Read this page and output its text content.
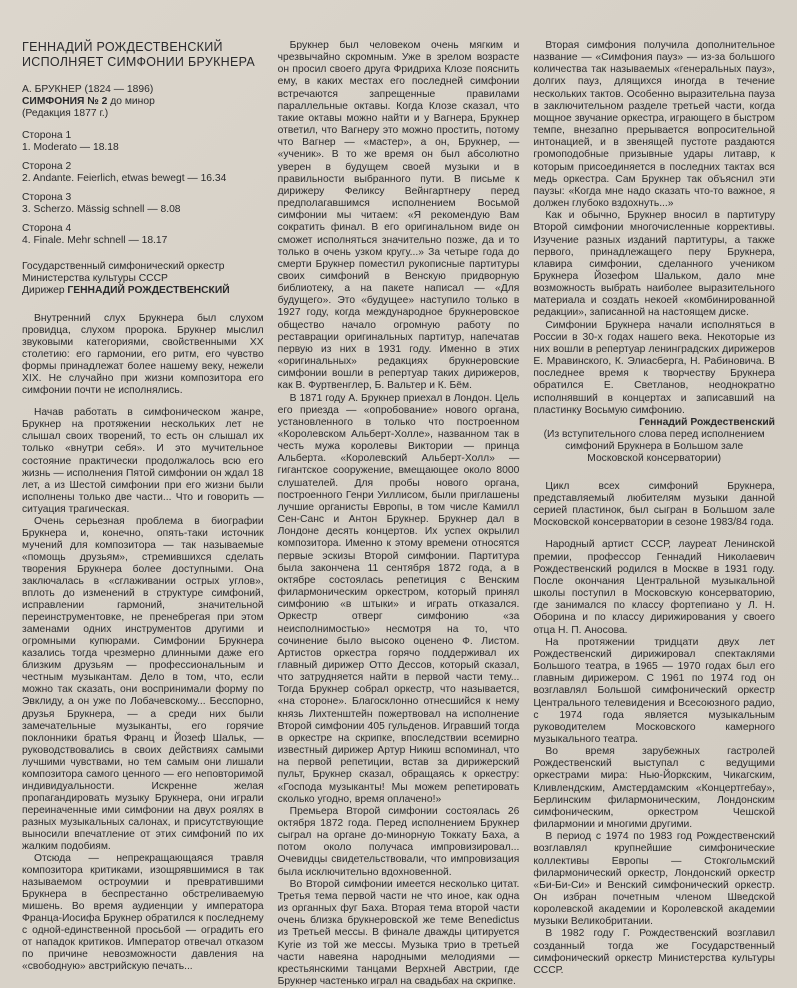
ГЕННАДИЙ РОЖДЕСТВЕНСКИЙ
ИСПОЛНЯЕТ СИМФОНИИ БРУКНЕРА
А. БРУКНЕР (1824 — 1896)
СИМФОНИЯ № 2 до минор
(Редакция 1877 г.)
Сторона 1
1. Moderato — 18.18
Сторона 2
2. Andante. Feierlich, etwas bewegt — 16.34
Сторона 3
3. Scherzo. Mässig schnell — 8.08
Сторона 4
4. Finale. Mehr schnell — 18.17
Государственный симфонический оркестр
Министерства культуры СССР
Дирижер ГЕННАДИЙ РОЖДЕСТВЕНСКИЙ

Внутренний слух Брукнера был слухом провидца, слухом пророка. Брукнер мыслил звуковыми категориями, свойственными XX столетию: его гармонии, его ритм, его чувство формы принадлежат более нашему веку, нежели XIX. Не случайно при жизни композитора его симфонии почти не исполнялись.

Начав работать в симфоническом жанре, Брукнер на протяжении нескольких лет не слышал своих творений, то есть он слышал их только «внутри себя». И это мучительное состояние практически продолжалось всю его жизнь — исполнения Пятой симфонии он ждал 18 лет, а из Шестой симфонии при его жизни были исполнены только две части... Что и говорить — ситуация трагическая.

Очень серьезная проблема в биографии Брукнера и, конечно, опять-таки источник мучений для композитора — так называемые «помощь друзьям», стремившихся сделать творения Брукнера более доступными. Она заключалась в «сглаживании острых углов», вплоть до изменений в структуре симфоний, исправлении гармоний, значительной переинструментовке, не пренебрегая при этом заменами одних инструментов другими и огромными купюрами. Симфонии Брукнера казались тогда чрезмерно длинными даже его близким друзьям — профессиональным и честным музыкантам. Дело в том, что, если можно так сказать, они воспринимали форму по Эвклиду, а он уже по Лобачевскому... Бесспорно, друзья Брукнера, — а среди них были замечательные музыканты, его горячие поклонники братья Франц и Йозеф Шальк, — руководствовались в своих действиях самыми лучшими чувствами, но тем самым они лишали композитора самого ценного — его неповторимой индивидуальности. Искренне желая пропагандировать музыку Брукнера, они играли переиначенные ими симфонии на двух роялях в разных музыкальных салонах, и присутствующие выносили впечатление от этих симфоний по их жалким подобиям.

Отсюда — непрекращающаяся травля композитора критиками, изощрявшимися в так называемом остроумии и превратившими Брукнера в беспрестанно обстреливаемую мишень. Во время аудиенции у императора Франца-Иосифа Брукнер обратился к последнему с одной-единственной просьбой — оградить его от нападок критиков. Император отвечал отказом по причине невозможности давления на «свободную» австрийскую печать...

Брукнер был человеком очень мягким и чрезвычайно скромным. Уже в зрелом возрасте он просил своего друга Фридриха Клозе пояснить ему, в каких местах его последней симфонии встречаются запрещенные правилами параллельные октавы. Когда Клозе сказал, что такие октавы можно найти и у Вагнера, Брукнер ответил, что Вагнеру это можно простить, потому что Вагнер — «мастер», а он, Брукнер, — «ученик». В то же время он был абсолютно уверен в будущем своей музыки и в правильности выбранного пути. В письме к дирижеру Феликсу Вейнгартнеру перед предполагавшимся исполнением Восьмой симфонии мы читаем: «Я рекомендую Вам сократить финал. В его оригинальном виде он сможет исполняться значительно позже, да и то только в очень узком кругу...» За четыре года до смерти Брукнер поместил рукописные партитуры своих симфоний в Венскую придворную библиотеку, а на пакете написал — «Для будущего». Это «будущее» наступило только в 1927 году, когда международное брукнеровское общество начало огромную работу по реставрации оригинальных партитур, напечатав первую из них в 1931 году. Именно в этих «оригинальных» редакциях брукнеровские симфонии вошли в репертуар таких дирижеров, как В. Фуртвенглер, Б. Вальтер и К. Бём.

В 1871 году А. Брукнер приехал в Лондон. Цель его приезда — «опробование» нового органа, установленного в только что построенном «Королевском Альберт-Холле», названном так в честь мужа королевы Виктории — принца Альберта. «Королевский Альберт-Холл» — гигантское сооружение, вмещающее около 8000 слушателей. Для пробы нового органа, построенного Генри Уиллисом, были приглашены лучшие органисты Европы, в том числе Камилл Сен-Санс и Антон Брукнер. Брукнер дал в Лондоне десять концертов. Их успех окрылил композитора. Именно к этому времени относятся первые эскизы Второй симфонии. Партитура была закончена 11 сентября 1872 года, а в октябре состоялась репетиция с Венским филармоническим оркестром, который принял симфонию «в штыки» и играть отказался. Оркестр отверг симфонию «за неисполнимостью» несмотря на то, что сочинение было высоко оценено Ф. Листом. Артистов оркестра горячо поддерживал их главный дирижер Отто Дессов, который сказал, что затрудняется найти в первой части тему... Тогда Брукнер собрал оркестр, что называется, «на стороне». Благосклонно отнесшийся к нему князь Лихтенштейн пожертвовал на исполнение Второй симфонии 405 гульденов. Игравший тогда в оркестре на скрипке, впоследствии всемирно известный дирижер Артур Никиш вспоминал, что на первой репетиции, встав за дирижерский пульт, Брукнер сказал, обращаясь к оркестру: «Господа музыканты! Мы можем репетировать сколько угодно, время оплачено!»

Премьера Второй симфонии состоялась 26 октября 1872 года. Перед исполнением Брукнер сыграл на органе до-минорную Токкату Баха, а потом около получаса импровизировал... Очевидцы свидетельствовали, что импровизация была исключительно вдохновенной.

Во Второй симфонии имеется несколько цитат. Третья тема первой части не что иное, как одна из органных фуг Баха. Вторая тема второй части очень близка брукнеровской же теме Benedictus из Третьей мессы. В финале дважды цитируется Kyrie из той же мессы. Музыка трио в третьей части навеяна народными мелодиями — крестьянскими танцами Верхней Австрии, где Брукнер частенько играл на свадьбах на скрипке.

Вторая симфония получила дополнительное название — «Симфония пауз» — из-за большого количества так называемых «генеральных пауз», долгих пауз, длящихся иногда в течение нескольких тактов. Особенно выразительна пауза в заключительном разделе третьей части, когда мощное звучание оркестра, играющего в быстром темпе, внезапно прерывается вопросительной интонацией, и в звенящей пустоте раздаются громоподобные призывные удары литавр, к которым присоединяется в последних тактах вся медь оркестра. Сам Брукнер так объяснил эти паузы: «Когда мне надо сказать что-то важное, я должен глубоко вздохнуть...»

Как и обычно, Брукнер вносил в партитуру Второй симфонии многочисленные коррективы. Изучение разных изданий партитуры, а также первого, принадлежащего перу Брукнера, клавира симфонии, сделанного учеником Брукнера Йозефом Шальком, дало мне возможность выбрать наиболее выразительного материала и создать некоей «комбинированной редакции», записанной на настоящем диске.

Симфонии Брукнера начали исполняться в России в 30-х годах нашего века. Некоторые из них вошли в репертуар ленинградских дирижеров Е. Мравинского, К. Элиасберга, Н. Рабиновича. В последнее время к творчеству Брукнера обратился Е. Светланов, неоднократно исполнявший в концертах и записавший на пластинку Восьмую симфонию.

Геннадий Рождественский
(Из вступительного слова перед исполнением
симфоний Брукнера в Большом зале
Московской консерватории)

Цикл всех симфоний Брукнера, представляемый любителям музыки данной серией пластинок, был сыгран в Большом зале Московской консерватории в сезоне 1983/84 года.

Народный артист СССР, лауреат Ленинской премии, профессор Геннадий Николаевич Рождественский родился в Москве в 1931 году. После окончания Центральной музыкальной школы поступил в Московскую консерваторию, где занимался по классу фортепиано у Л. Н. Оборина и по классу дирижирования у своего отца Н. П. Аносова.

На протяжении тридцати двух лет Рождественский дирижировал спектаклями Большого театра, в 1965 — 1970 годах был его главным дирижером. С 1961 по 1974 год он возглавлял Большой симфонический оркестр Центрального телевидения и Всесоюзного радио, с 1974 года является музыкальным руководителем Московского камерного музыкального театра.

Во время зарубежных гастролей Рождественский выступал с ведущими оркестрами мира: Нью-Йоркским, Чикагским, Кливлендским, Амстердамским «Концертгебау», Берлинским филармоническим, Лондонским симфоническим, оркестром Чешской филармонии и многими другими.

В период с 1974 по 1983 год Рождественский возглавлял крупнейшие симфонические коллективы Европы — Стокгольмский филармонический оркестр, Лондонский оркестр «Би-Би-Си» и Венский симфонический оркестр. Он избран почетным членом Шведской королевской академии и Королевской академии музыки Великобритании.

В 1982 году Г. Рождественский возглавил созданный тогда же Государственный симфонический оркестр Министерства культуры СССР.
